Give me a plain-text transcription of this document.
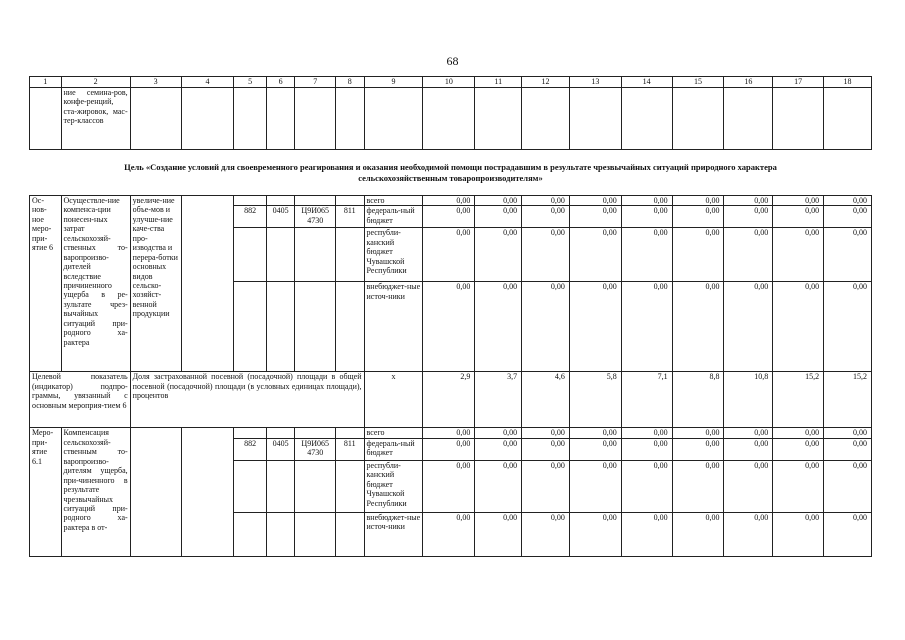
68
1	2	3	4	5	6	7	8	9	10	11	12	13	14	15	16	17	18
	ние семина-ров, конфе-ренций, ста-жировок, мас-тер-классов																
Цель «Создание условий для своевременного реагирования и оказания необходимой помощи пострадавшим в результате чрезвычайных ситуаций природного характера сельскохозяйственным товаропроизводителям»																	
Ос-нов-ное меро-при-ятие 6	Осуществле-ние компенса-ции понесен-ных затрат сельскохозяй-ственных то-варопроизво-дителей вследствие причиненного ущерба в ре-зультате чрез-вычайных ситуаций при-родного ха-рактера	увеличе-ние объе-мов и улучше-ние каче-ства про-изводства и перера-ботки основных видов сельско-хозяйст-венной продукции						всего	0,00	0,00	0,00	0,00	0,00	0,00	0,00	0,00	0,00
				882	0405	Ц9И065 4730	811	федераль-ный бюджет	0,00	0,00	0,00	0,00	0,00	0,00	0,00	0,00	0,00
								республи-канский бюджет Чувашской Республики	0,00	0,00	0,00	0,00	0,00	0,00	0,00	0,00	0,00
								внебюджет-ные источ-ники	0,00	0,00	0,00	0,00	0,00	0,00	0,00	0,00	0,00
Целевой показатель (индикатор) подпро-граммы, увязанный с основным мероприя-тием 6		Доля застрахованной посевной (посадочной) площади в общей посевной (посадочной) площади (в условных единицах площади), процентов						x	2,9	3,7	4,6	5,8	7,1	8,8	10,8	15,2	15,2
Меро-при-ятие 6.1	Компенсация сельскохозяй-ственным то-варопроизво-дителям ущерба, при-чиненного в результате чрезвычайных ситуаций при-родного ха-рактера в от-							всего	0,00	0,00	0,00	0,00	0,00	0,00	0,00	0,00	0,00
				882	0405	Ц9И065 4730	811	федераль-ный бюджет	0,00	0,00	0,00	0,00	0,00	0,00	0,00	0,00	0,00
								республи-канский бюджет Чувашской Республики	0,00	0,00	0,00	0,00	0,00	0,00	0,00	0,00	0,00
								внебюджет-ные источ-ники	0,00	0,00	0,00	0,00	0,00	0,00	0,00	0,00	0,00
